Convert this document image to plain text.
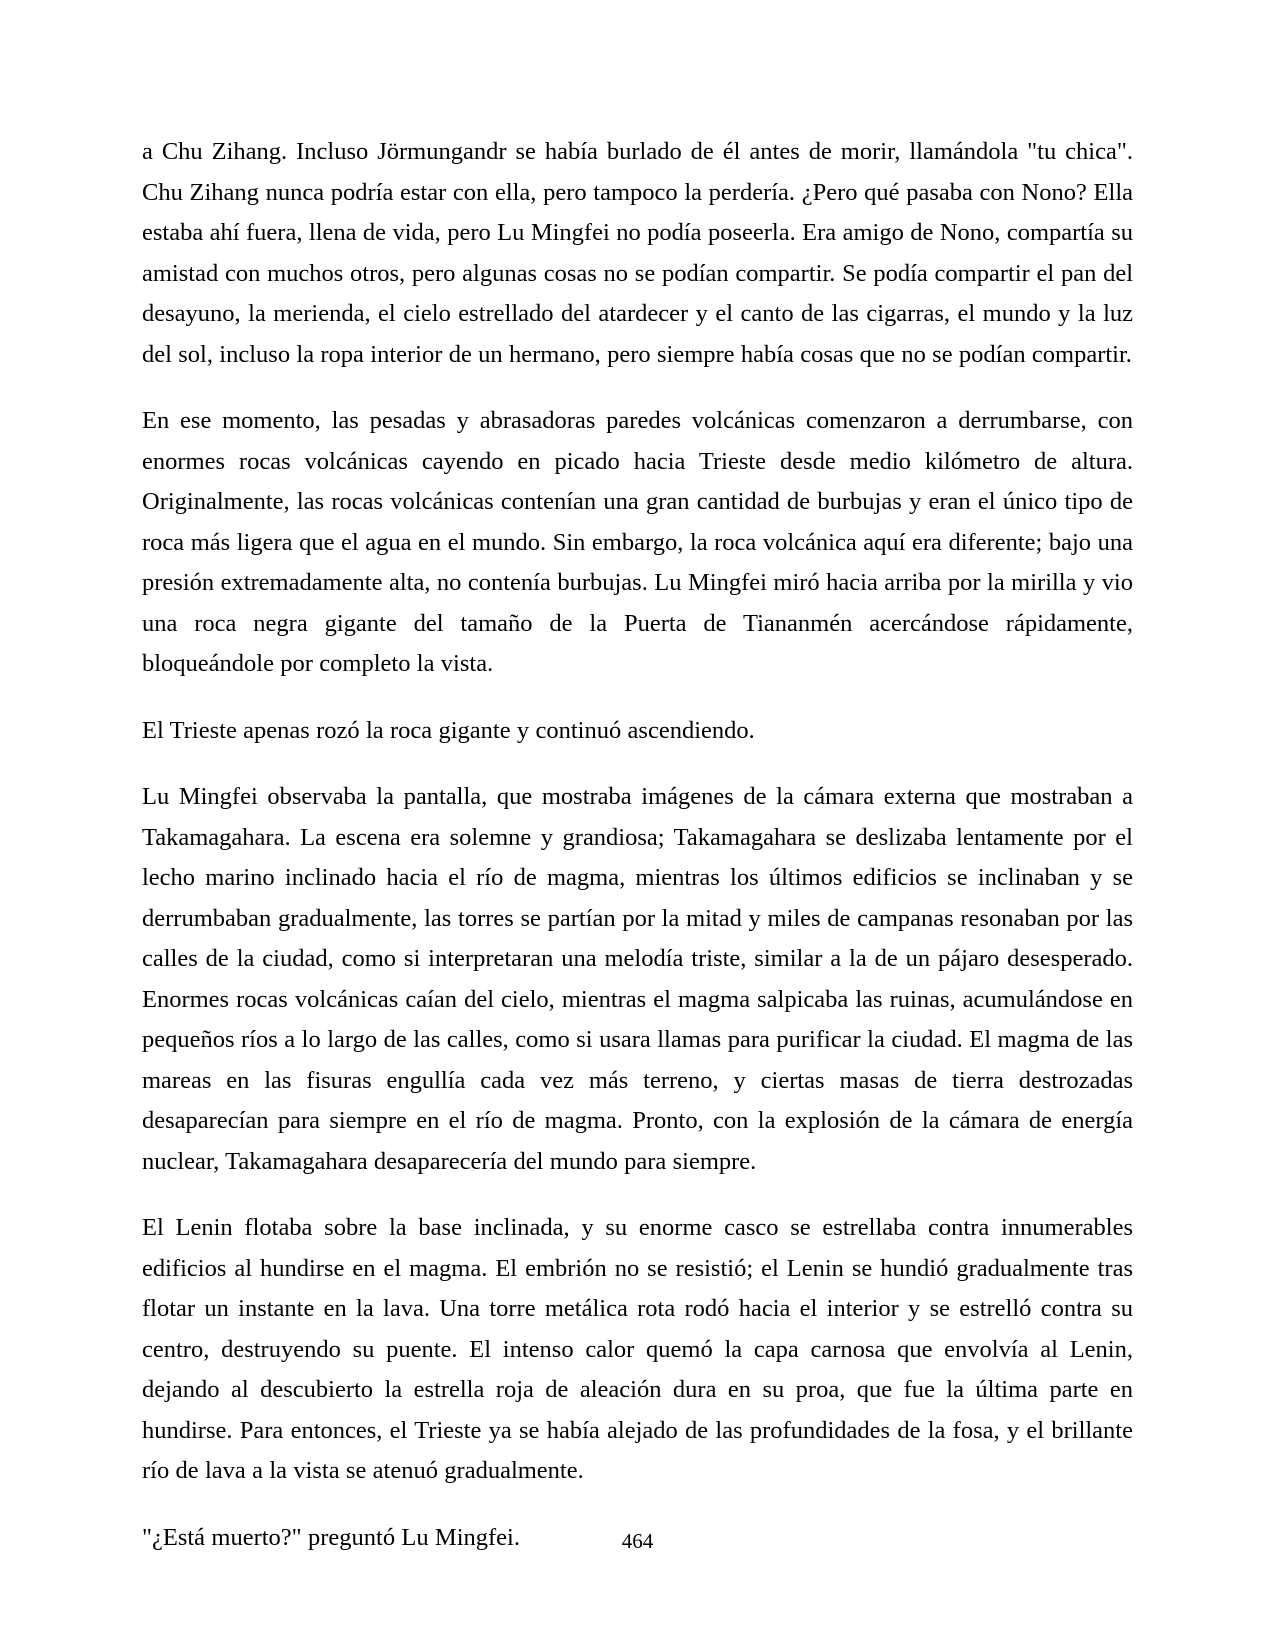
a Chu Zihang. Incluso Jörmungandr se había burlado de él antes de morir, llamándola "tu chica". Chu Zihang nunca podría estar con ella, pero tampoco la perdería. ¿Pero qué pasaba con Nono? Ella estaba ahí fuera, llena de vida, pero Lu Mingfei no podía poseerla. Era amigo de Nono, compartía su amistad con muchos otros, pero algunas cosas no se podían compartir. Se podía compartir el pan del desayuno, la merienda, el cielo estrellado del atardecer y el canto de las cigarras, el mundo y la luz del sol, incluso la ropa interior de un hermano, pero siempre había cosas que no se podían compartir.

En ese momento, las pesadas y abrasadoras paredes volcánicas comenzaron a derrumbarse, con enormes rocas volcánicas cayendo en picado hacia Trieste desde medio kilómetro de altura. Originalmente, las rocas volcánicas contenían una gran cantidad de burbujas y eran el único tipo de roca más ligera que el agua en el mundo. Sin embargo, la roca volcánica aquí era diferente; bajo una presión extremadamente alta, no contenía burbujas. Lu Mingfei miró hacia arriba por la mirilla y vio una roca negra gigante del tamaño de la Puerta de Tiananmén acercándose rápidamente, bloqueándole por completo la vista.

El Trieste apenas rozó la roca gigante y continuó ascendiendo.

Lu Mingfei observaba la pantalla, que mostraba imágenes de la cámara externa que mostraban a Takamagahara. La escena era solemne y grandiosa; Takamagahara se deslizaba lentamente por el lecho marino inclinado hacia el río de magma, mientras los últimos edificios se inclinaban y se derrumbaban gradualmente, las torres se partían por la mitad y miles de campanas resonaban por las calles de la ciudad, como si interpretaran una melodía triste, similar a la de un pájaro desesperado. Enormes rocas volcánicas caían del cielo, mientras el magma salpicaba las ruinas, acumulándose en pequeños ríos a lo largo de las calles, como si usara llamas para purificar la ciudad. El magma de las mareas en las fisuras engullía cada vez más terreno, y ciertas masas de tierra destrozadas desaparecían para siempre en el río de magma. Pronto, con la explosión de la cámara de energía nuclear, Takamagahara desaparecería del mundo para siempre.

El Lenin flotaba sobre la base inclinada, y su enorme casco se estrellaba contra innumerables edificios al hundirse en el magma. El embrión no se resistió; el Lenin se hundió gradualmente tras flotar un instante en la lava. Una torre metálica rota rodó hacia el interior y se estrelló contra su centro, destruyendo su puente. El intenso calor quemó la capa carnosa que envolvía al Lenin, dejando al descubierto la estrella roja de aleación dura en su proa, que fue la última parte en hundirse. Para entonces, el Trieste ya se había alejado de las profundidades de la fosa, y el brillante río de lava a la vista se atenuó gradualmente.

"¿Está muerto?" preguntó Lu Mingfei.	464
